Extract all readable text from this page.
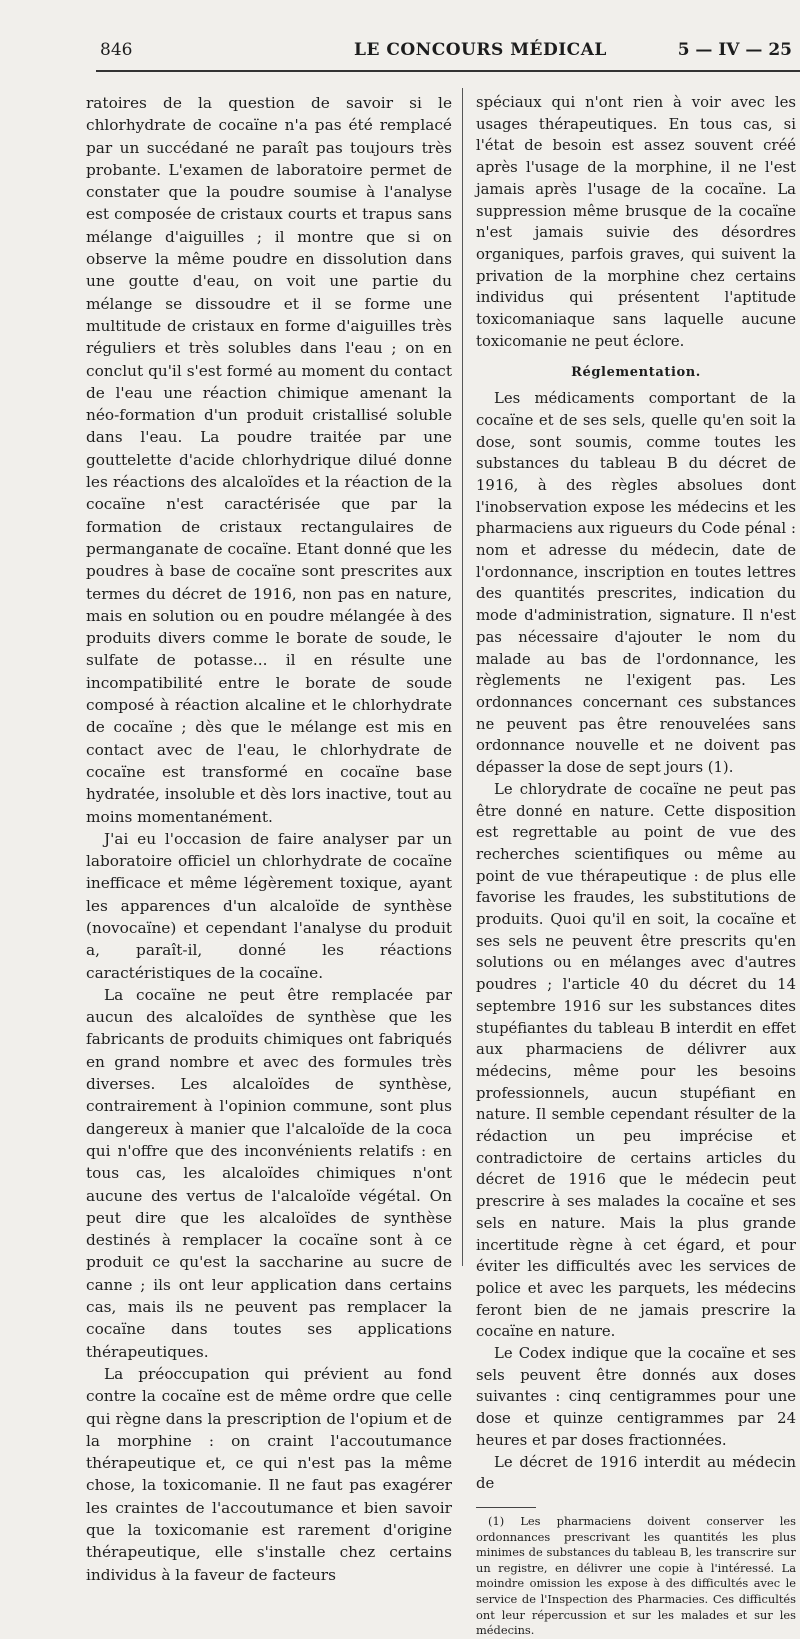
846	LE CONCOURS MÉDICAL	5 — IV — 25

ratoires de la question de savoir si le chlorhydrate de cocaïne n'a pas été remplacé par un succédané ne paraît pas toujours très probante. L'examen de laboratoire permet de constater que la poudre soumise à l'analyse est composée de cristaux courts et trapus sans mélange d'aiguilles ; il montre que si on observe la même poudre en dissolution dans une goutte d'eau, on voit une partie du mélange se dissoudre et il se forme une multitude de cristaux en forme d'aiguilles très réguliers et très solubles dans l'eau ; on en conclut qu'il s'est formé au moment du contact de l'eau une réaction chimique amenant la néo-formation d'un produit cristallisé soluble dans l'eau. La poudre traitée par une gouttelette d'acide chlorhydrique dilué donne les réactions des alcaloïdes et la réaction de la cocaïne n'est caractérisée que par la formation de cristaux rectangulaires de permanganate de cocaïne. Etant donné que les poudres à base de cocaïne sont prescrites aux termes du décret de 1916, non pas en nature, mais en solution ou en poudre mélangée à des produits divers comme le borate de soude, le sulfate de potasse... il en résulte une incompatibilité entre le borate de soude composé à réaction alcaline et le chlorhydrate de cocaïne ; dès que le mélange est mis en contact avec de l'eau, le chlorhydrate de cocaïne est transformé en cocaïne base hydratée, insoluble et dès lors inactive, tout au moins momentanément.

J'ai eu l'occasion de faire analyser par un laboratoire officiel un chlorhydrate de cocaïne inefficace et même légèrement toxique, ayant les apparences d'un alcaloïde de synthèse (novocaïne) et cependant l'analyse du produit a, paraît-il, donné les réactions caractéristiques de la cocaïne.

La cocaïne ne peut être remplacée par aucun des alcaloïdes de synthèse que les fabricants de produits chimiques ont fabriqués en grand nombre et avec des formules très diverses. Les alcaloïdes de synthèse, contrairement à l'opinion commune, sont plus dangereux à manier que l'alcaloïde de la coca qui n'offre que des inconvénients relatifs : en tous cas, les alcaloïdes chimiques n'ont aucune des vertus de l'alcaloïde végétal. On peut dire que les alcaloïdes de synthèse destinés à remplacer la cocaïne sont à ce produit ce qu'est la saccharine au sucre de canne ; ils ont leur application dans certains cas, mais ils ne peuvent pas remplacer la cocaïne dans toutes ses applications thérapeutiques.

La préoccupation qui prévient au fond contre la cocaïne est de même ordre que celle qui règne dans la prescription de l'opium et de la morphine : on craint l'accoutumance thérapeutique et, ce qui n'est pas la même chose, la toxicomanie. Il ne faut pas exagérer les craintes de l'accoutumance et bien savoir que la toxicomanie est rarement d'origine thérapeutique, elle s'installe chez certains individus à la faveur de facteurs

spéciaux qui n'ont rien à voir avec les usages thérapeutiques. En tous cas, si l'état de besoin est assez souvent créé après l'usage de la morphine, il ne l'est jamais après l'usage de la cocaïne. La suppression même brusque de la cocaïne n'est jamais suivie des désordres organiques, parfois graves, qui suivent la privation de la morphine chez certains individus qui présentent l'aptitude toxicomaniaque sans laquelle aucune toxicomanie ne peut éclore.

Réglementation.

Les médicaments comportant de la cocaïne et de ses sels, quelle qu'en soit la dose, sont soumis, comme toutes les substances du tableau B du décret de 1916, à des règles absolues dont l'inobservation expose les médecins et les pharmaciens aux rigueurs du Code pénal : nom et adresse du médecin, date de l'ordonnance, inscription en toutes lettres des quantités prescrites, indication du mode d'administration, signature. Il n'est pas nécessaire d'ajouter le nom du malade au bas de l'ordonnance, les règlements ne l'exigent pas. Les ordonnances concernant ces substances ne peuvent pas être renouvelées sans ordonnance nouvelle et ne doivent pas dépasser la dose de sept jours (1).

Le chlorydrate de cocaïne ne peut pas être donné en nature. Cette disposition est regrettable au point de vue des recherches scientifiques ou même au point de vue thérapeutique : de plus elle favorise les fraudes, les substitutions de produits. Quoi qu'il en soit, la cocaïne et ses sels ne peuvent être prescrits qu'en solutions ou en mélanges avec d'autres poudres ; l'article 40 du décret du 14 septembre 1916 sur les substances dites stupéfiantes du tableau B interdit en effet aux pharmaciens de délivrer aux médecins, même pour les besoins professionnels, aucun stupéfiant en nature. Il semble cependant résulter de la rédaction un peu imprécise et contradictoire de certains articles du décret de 1916 que le médecin peut prescrire à ses malades la cocaïne et ses sels en nature. Mais la plus grande incertitude règne à cet égard, et pour éviter les difficultés avec les services de police et avec les parquets, les médecins feront bien de ne jamais prescrire la cocaïne en nature.

Le Codex indique que la cocaïne et ses sels peuvent être donnés aux doses suivantes : cinq centigrammes pour une dose et quinze centigrammes par 24 heures et par doses fractionnées.

Le décret de 1916 interdit au médecin de

(1) Les pharmaciens doivent conserver les ordonnances prescrivant les quantités les plus minimes de substances du tableau B, les transcrire sur un registre, en délivrer une copie à l'intéressé. La moindre omission les expose à des difficultés avec le service de l'Inspection des Pharmacies. Ces difficultés ont leur répercussion et sur les malades et sur les médecins.
